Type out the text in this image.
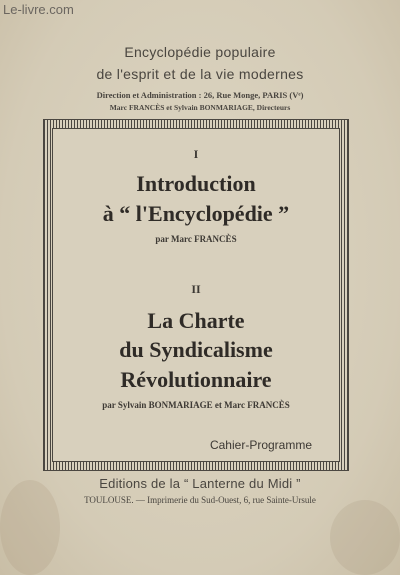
Le-livre.com
Encyclopédie populaire
de l'esprit et de la vie modernes
Direction et Administration : 26, Rue Monge, PARIS (Vᵉ)
Marc FRANCÈS et Sylvain BONMARIAGE, Directeurs
I
Introduction
à “ l'Encyclopédie ”
par Marc FRANCÈS
II
La Charte
du Syndicalisme
Révolutionnaire
par Sylvain BONMARIAGE et Marc FRANCÈS
Cahier-Programme
Editions de la “ Lanterne du Midi ”
TOULOUSE. — Imprimerie du Sud-Ouest, 6, rue Sainte-Ursule
